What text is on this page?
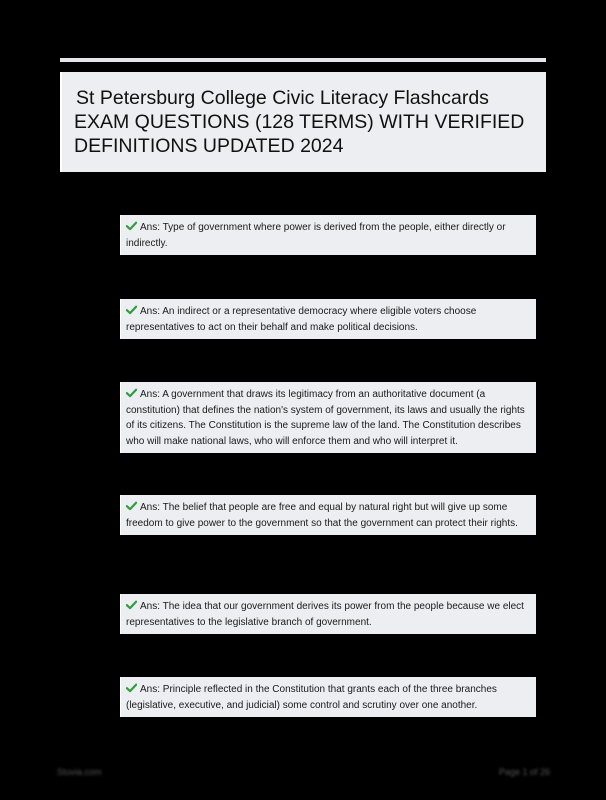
St Petersburg College Civic Literacy Flashcards
EXAM QUESTIONS (128 TERMS) WITH VERIFIED
DEFINITIONS UPDATED 2024
Ans: Type of government where power is derived from the people, either directly or indirectly.
Ans: An indirect or a representative democracy where eligible voters choose representatives to act on their behalf and make political decisions.
Ans: A government that draws its legitimacy from an authoritative document (a constitution) that defines the nation's system of government, its laws and usually the rights of its citizens. The Constitution is the supreme law of the land. The Constitution describes who will make national laws, who will enforce them and who will interpret it.
Ans: The belief that people are free and equal by natural right but will give up some freedom to give power to the government so that the government can protect their rights.
Ans: The idea that our government derives its power from the people because we elect representatives to the legislative branch of government.
Ans: Principle reflected in the Constitution that grants each of the three branches (legislative, executive, and judicial) some control and scrutiny over one another.
Stuvia.com	Page 1 of 26
